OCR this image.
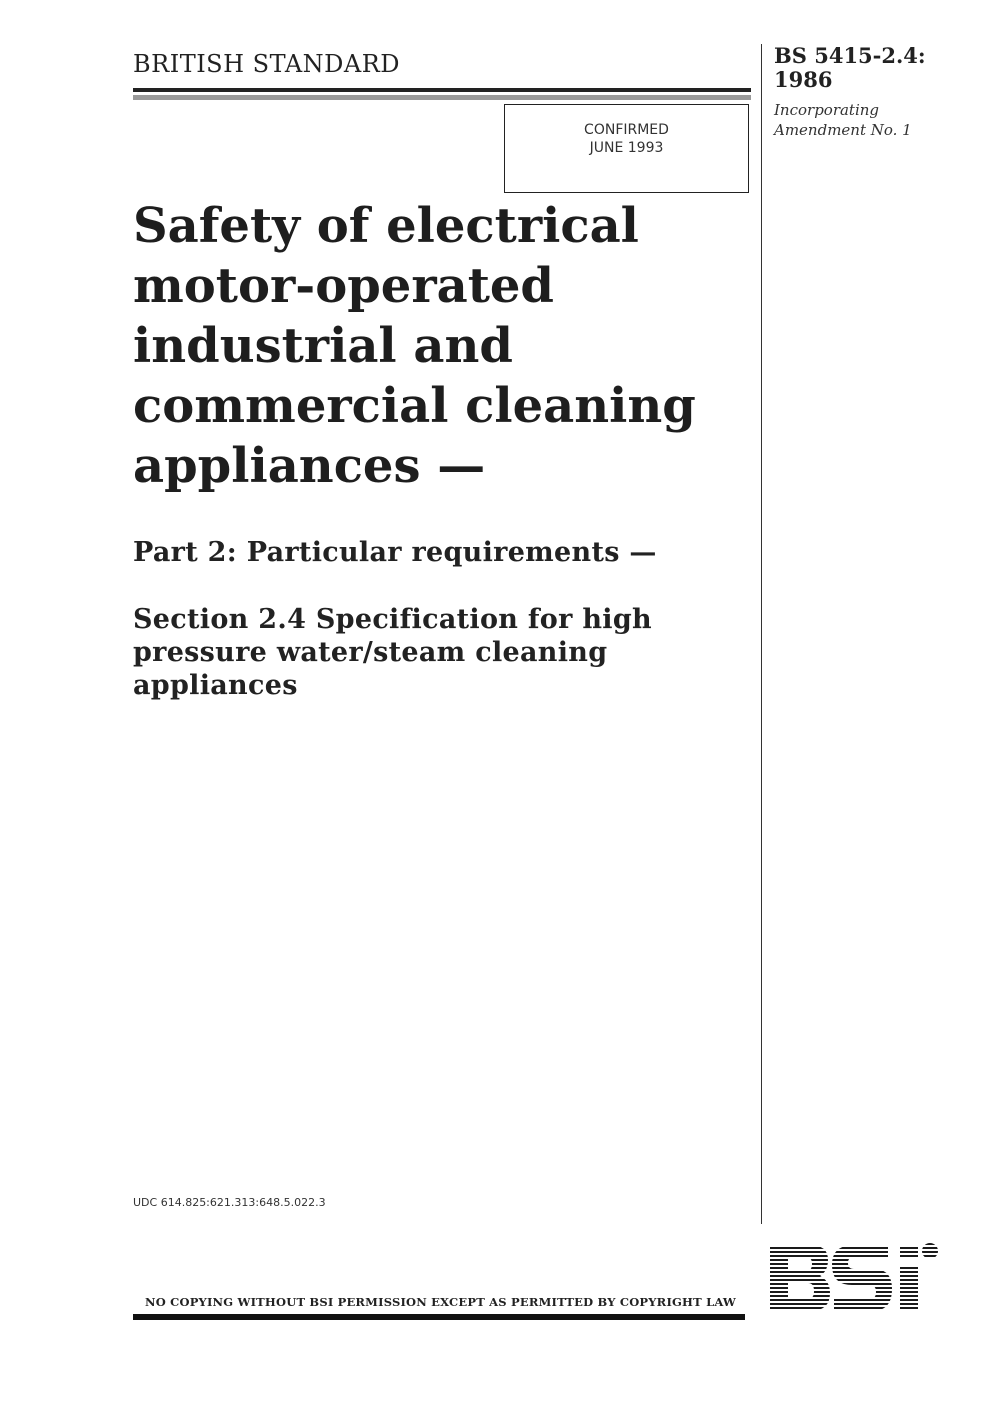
BRITISH STANDARD
CONFIRMED
JUNE 1993
BS 5415-2.4:
1986
Incorporating
Amendment No. 1
Safety of electrical
motor-operated
industrial and
commercial cleaning
appliances —
Part 2: Particular requirements —
Section 2.4 Specification for high
pressure water/steam cleaning
appliances
UDC 614.825:621.313:648.5.022.3
NO COPYING WITHOUT BSI PERMISSION EXCEPT AS PERMITTED BY COPYRIGHT LAW
